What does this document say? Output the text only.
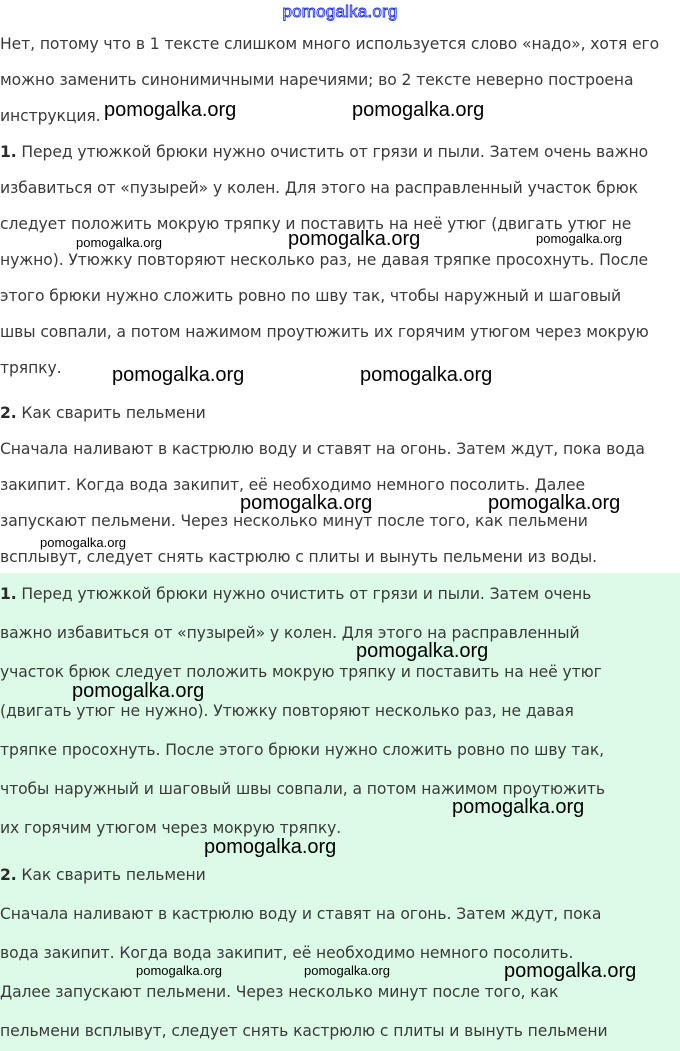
pomogalka.org
Нет, потому что в 1 тексте слишком много используется слово «надо», хотя его
можно заменить синонимичными наречиями; во 2 тексте неверно построена
инструкция.
1. Перед утюжкой брюки нужно очистить от грязи и пыли. Затем очень важно
избавиться от «пузырей» у колен. Для этого на расправленный участок брюк
следует положить мокрую тряпку и поставить на неё утюг (двигать утюг не
нужно). Утюжку повторяют несколько раз, не давая тряпке просохнуть. После
этого брюки нужно сложить ровно по шву так, чтобы наружный и шаговый
швы совпали, а потом нажимом проутюжить их горячим утюгом через мокрую
тряпку.
2. Как сварить пельмени
Сначала наливают в кастрюлю воду и ставят на огонь. Затем ждут, пока вода
закипит. Когда вода закипит, её необходимо немного посолить. Далее
запускают пельмени. Через несколько минут после того, как пельмени
всплывут, следует снять кастрюлю с плиты и вынуть пельмени из воды.
1. Перед утюжкой брюки нужно очистить от грязи и пыли. Затем очень
важно избавиться от «пузырей» у колен. Для этого на расправленный
участок брюк следует положить мокрую тряпку и поставить на неё утюг
(двигать утюг не нужно). Утюжку повторяют несколько раз, не давая
тряпке просохнуть. После этого брюки нужно сложить ровно по шву так,
чтобы наружный и шаговый швы совпали, а потом нажимом проутюжить
их горячим утюгом через мокрую тряпку.
2. Как сварить пельмени
Сначала наливают в кастрюлю воду и ставят на огонь. Затем ждут, пока
вода закипит. Когда вода закипит, её необходимо немного посолить.
Далее запускают пельмени. Через несколько минут после того, как
пельмени всплывут, следует снять кастрюлю с плиты и вынуть пельмени
pomogalka.org	pomogalka.org
pomogalka.org	pomogalka.org	pomogalka.org
pomogalka.org	pomogalka.org
pomogalka.org	pomogalka.org
pomogalka.org
pomogalka.org
pomogalka.org
pomogalka.org
pomogalka.org
pomogalka.org	pomogalka.org	pomogalka.org
